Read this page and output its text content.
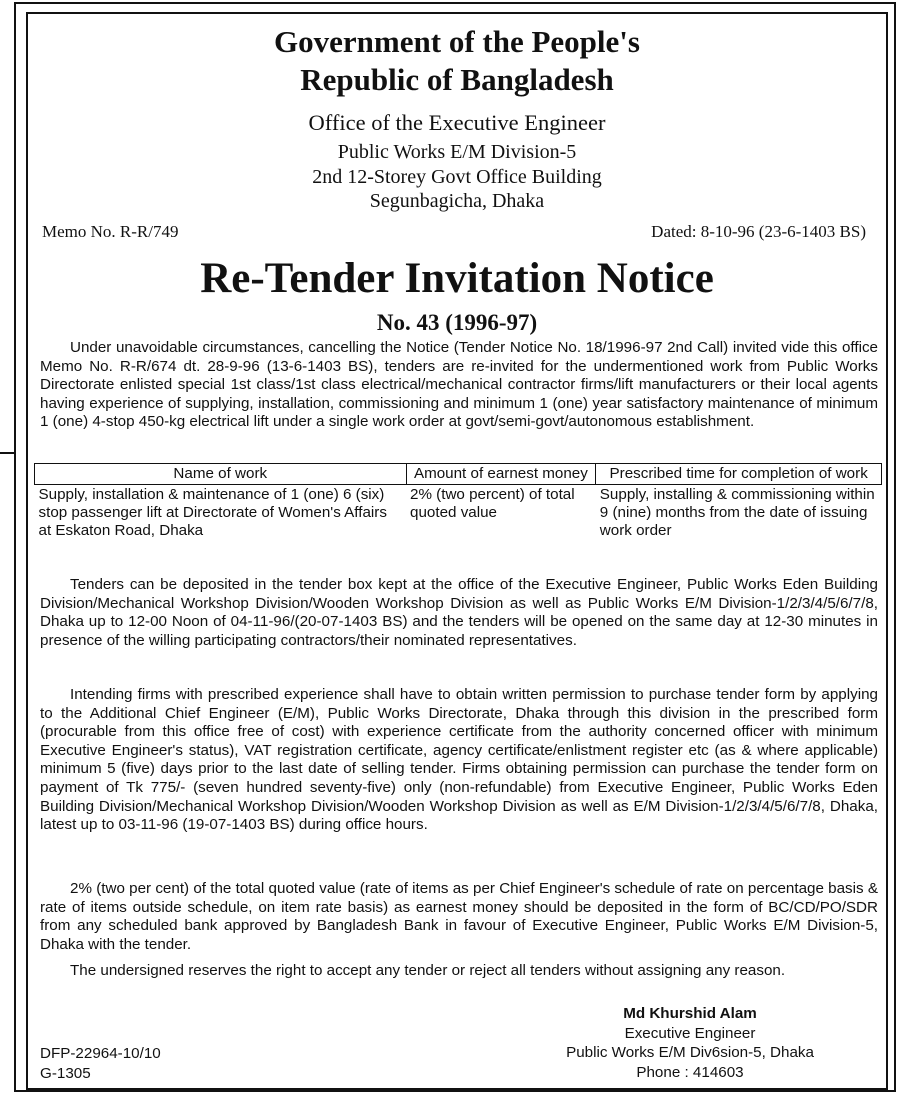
Government of the People's
Republic of Bangladesh
Office of the Executive Engineer
Public Works E/M Division-5
2nd 12-Storey Govt Office Building
Segunbagicha, Dhaka
Memo No. R-R/749	Dated: 8-10-96 (23-6-1403 BS)
Re-Tender Invitation Notice
No. 43 (1996-97)
Under unavoidable circumstances, cancelling the Notice (Tender Notice No. 18/1996-97 2nd Call) invited vide this office Memo No. R-R/674 dt. 28-9-96 (13-6-1403 BS), tenders are re-invited for the undermentioned work from Public Works Directorate enlisted special 1st class/1st class electrical/mechanical contractor firms/lift manufacturers or their local agents having experience of supplying, installation, commissioning and minimum 1 (one) year satisfactory maintenance of minimum 1 (one) 4-stop 450-kg electrical lift under a single work order at govt/semi-govt/autonomous establishment.
Name of work	Amount of earnest money	Prescribed time for completion of work
Supply, installation & maintenance of 1 (one) 6 (six) stop passenger lift at Directorate of Women's Affairs at Eskaton Road, Dhaka	2% (two percent) of total quoted value	Supply, installing & commissioning within 9 (nine) months from the date of issuing work order
Tenders can be deposited in the tender box kept at the office of the Executive Engineer, Public Works Eden Building Division/Mechanical Workshop Division/Wooden Workshop Division as well as Public Works E/M Division-1/2/3/4/5/6/7/8, Dhaka up to 12-00 Noon of 04-11-96/(20-07-1403 BS) and the tenders will be opened on the same day at 12-30 minutes in presence of the willing participating contractors/their nominated representatives.
Intending firms with prescribed experience shall have to obtain written permission to purchase tender form by applying to the Additional Chief Engineer (E/M), Public Works Directorate, Dhaka through this division in the prescribed form (procurable from this office free of cost) with experience certificate from the authority concerned officer with minimum Executive Engineer's status), VAT registration certificate, agency certificate/enlistment register etc (as & where applicable) minimum 5 (five) days prior to the last date of selling tender. Firms obtaining permission can purchase the tender form on payment of Tk 775/- (seven hundred seventy-five) only (non-refundable) from Executive Engineer, Public Works Eden Building Division/Mechanical Workshop Division/Wooden Workshop Division as well as E/M Division-1/2/3/4/5/6/7/8, Dhaka, latest up to 03-11-96 (19-07-1403 BS) during office hours.
2% (two per cent) of the total quoted value (rate of items as per Chief Engineer's schedule of rate on percentage basis & rate of items outside schedule, on item rate basis) as earnest money should be deposited in the form of BC/CD/PO/SDR from any scheduled bank approved by Bangladesh Bank in favour of Executive Engineer, Public Works E/M Division-5, Dhaka with the tender.
The undersigned reserves the right to accept any tender or reject all tenders without assigning any reason.
Md Khurshid Alam
Executive Engineer
Public Works E/M Div6sion-5, Dhaka
Phone : 414603
DFP-22964-10/10
G-1305
